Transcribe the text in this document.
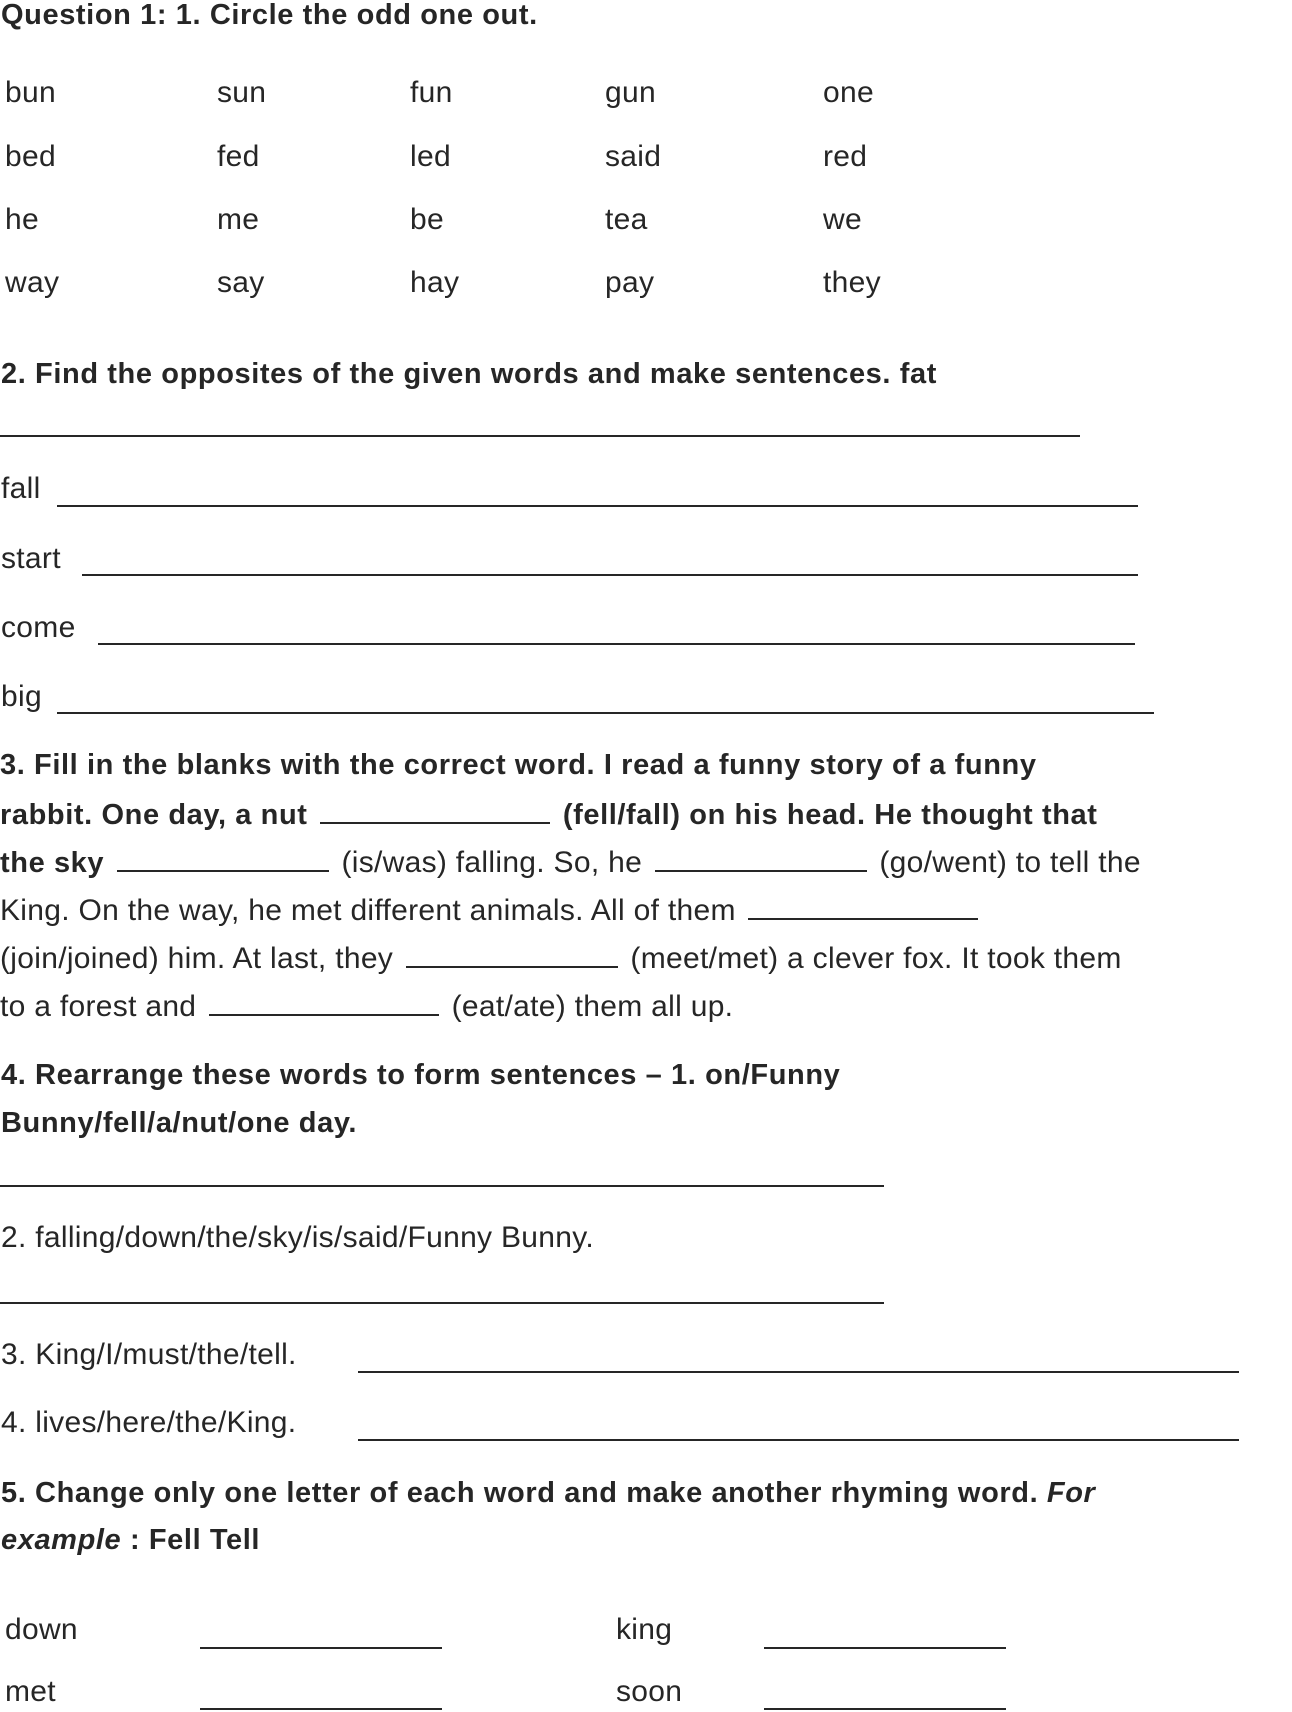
Question 1: 1. Circle the odd one out.
bun	sun	fun	gun	one
bed	fed	led	said	red
he	me	be	tea	we
way	say	hay	pay	they
2. Find the opposites of the given words and make sentences. fat
fall
start
come
big
3. Fill in the blanks with the correct word. I read a funny story of a funny
rabbit. One day, a nut	(fell/fall) on his head. He thought that
the sky	(is/was) falling. So, he	(go/went) to tell the
King. On the way, he met different animals. All of them
(join/joined) him. At last, they	(meet/met) a clever fox. It took them
to a forest and	(eat/ate) them all up.
4. Rearrange these words to form sentences – 1. on/Funny
Bunny/fell/a/nut/one day.
2. falling/down/the/sky/is/said/Funny Bunny.
3. King/I/must/the/tell.
4. lives/here/the/King.
5. Change only one letter of each word and make another rhyming word. For
example : Fell Tell
down	king
met	soon
